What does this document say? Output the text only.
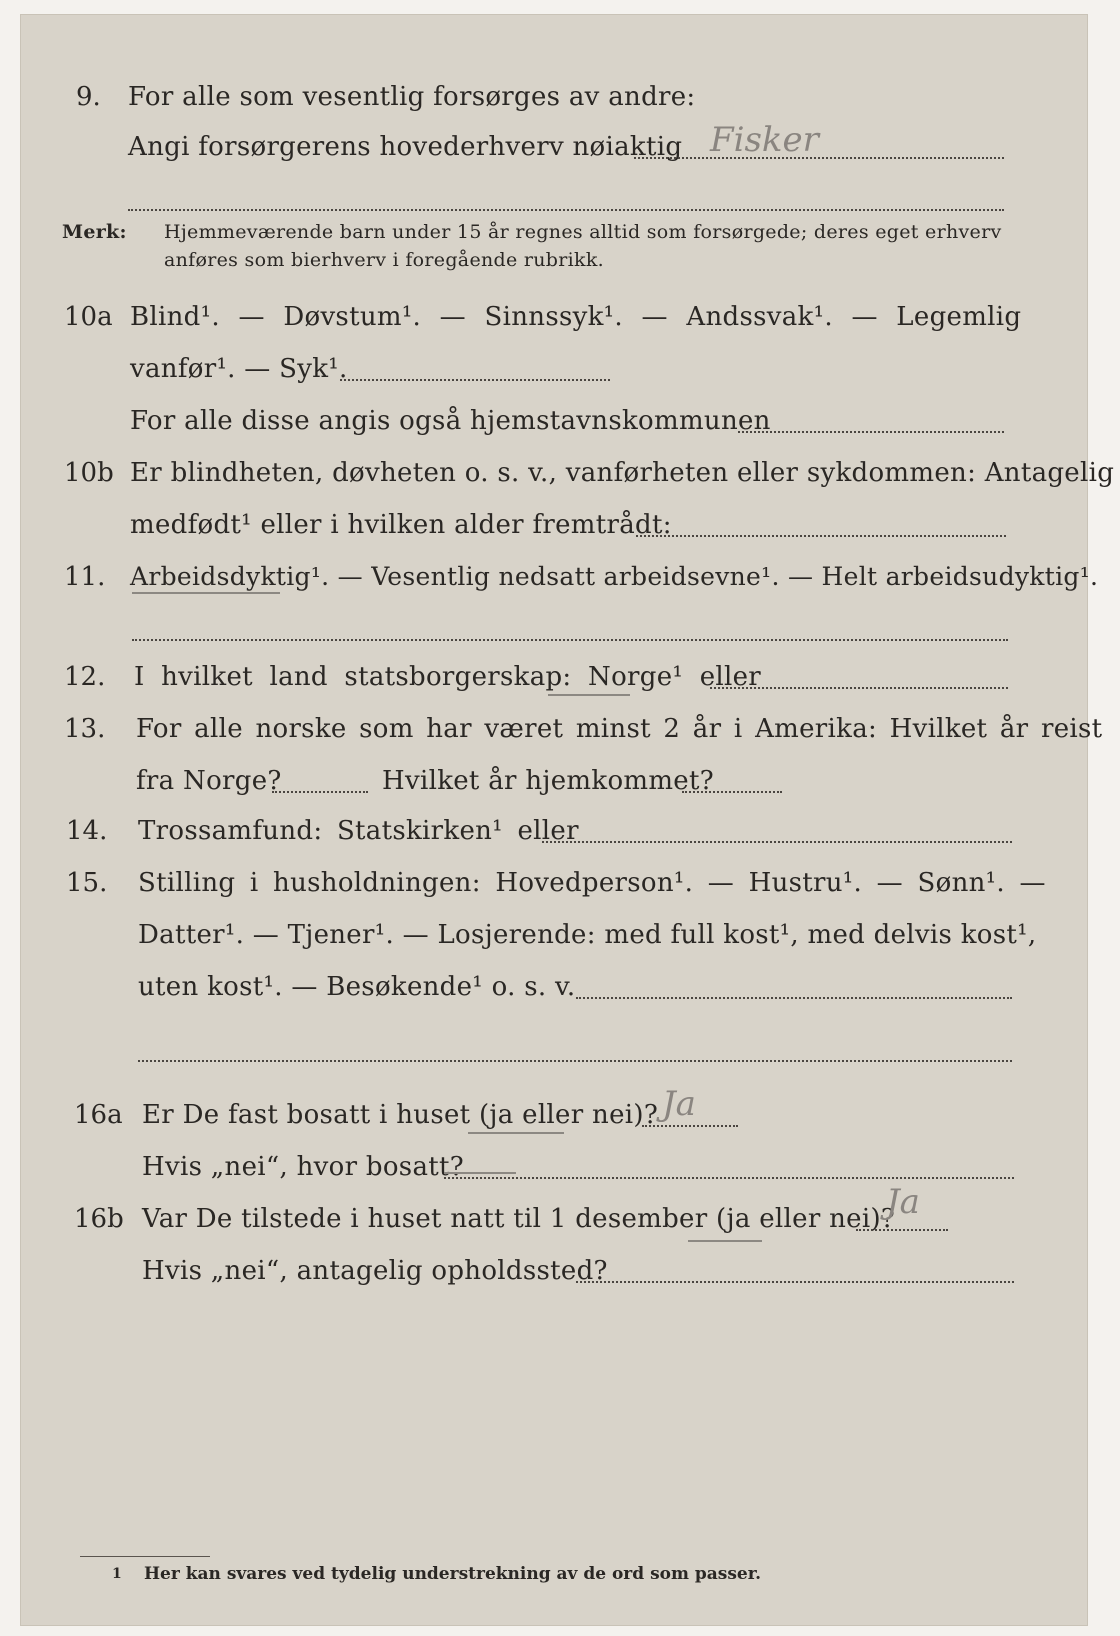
9. For alle som vesentlig forsørges av andre:
Angi forsørgerens hovederhverv nøiaktig Fisker
Merk: Hjemmeværende barn under 15 år regnes alltid som forsørgede; deres eget erhverv
anføres som bierhverv i foregående rubrikk.
10a Blind¹. — Døvstum¹. — Sinnssyk¹. — Andssvak¹. — Legemlig
vanfør¹. — Syk¹.
For alle disse angis også hjemstavnskommunen
10b Er blindheten, døvheten o. s. v., vanførheten eller sykdommen: Antagelig
medfødt¹ eller i hvilken alder fremtrådt:
11. Arbeidsdyktig¹. — Vesentlig nedsatt arbeidsevne¹. — Helt arbeidsudyktig¹.
12. I hvilket land statsborgerskap: Norge¹ eller
13. For alle norske som har været minst 2 år i Amerika: Hvilket år reist
fra Norge?	Hvilket år hjemkommet?
14. Trossamfund: Statskirken¹ eller
15. Stilling i husholdningen: Hovedperson¹. — Hustru¹. — Sønn¹. —
Datter¹. — Tjener¹. — Losjerende: med full kost¹, med delvis kost¹,
uten kost¹. — Besøkende¹ o. s. v.
16a Er De fast bosatt i huset (ja eller nei)? Ja
Hvis „nei“, hvor bosatt?
16b Var De tilstede i huset natt til 1 desember (ja eller nei)?
Ja
Hvis „nei“, antagelig opholdssted?
1 Her kan svares ved tydelig understrekning av de ord som passer.
